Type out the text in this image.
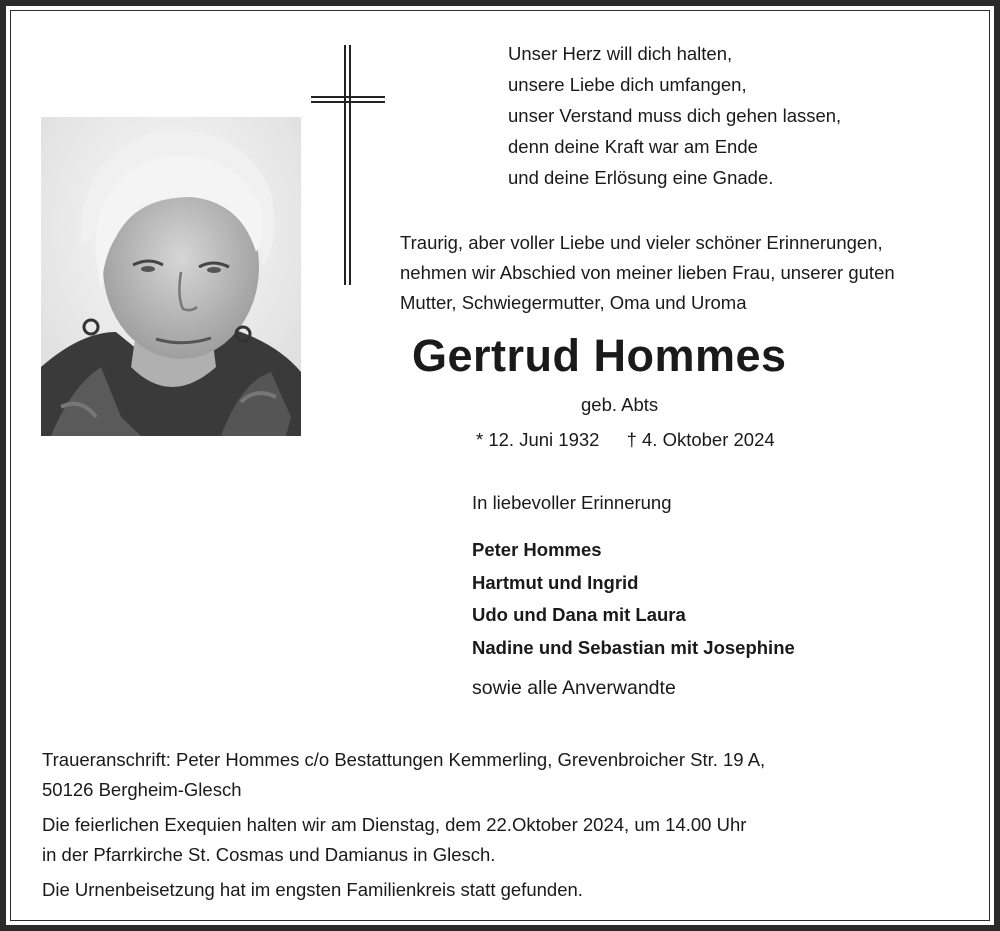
Unser Herz will dich halten,
unsere Liebe dich umfangen,
unser Verstand muss dich gehen lassen,
denn deine Kraft war am Ende
und deine Erlösung eine Gnade.
Traurig, aber voller Liebe und vieler schöner Erinnerungen,
nehmen wir Abschied von meiner lieben Frau, unserer guten
Mutter, Schwiegermutter, Oma und Uroma
Gertrud Hommes
geb. Abts
* 12. Juni 1932 † 4. Oktober 2024
In liebevoller Erinnerung
Peter Hommes
Hartmut und Ingrid
Udo und Dana mit Laura
Nadine und Sebastian mit Josephine
sowie alle Anverwandte
Traueranschrift: Peter Hommes c/o Bestattungen Kemmerling, Grevenbroicher Str. 19 A,
50126 Bergheim-Glesch
Die feierlichen Exequien halten wir am Dienstag, dem 22.Oktober 2024, um 14.00 Uhr
in der Pfarrkirche St. Cosmas und Damianus in Glesch.
Die Urnenbeisetzung hat im engsten Familienkreis statt gefunden.
